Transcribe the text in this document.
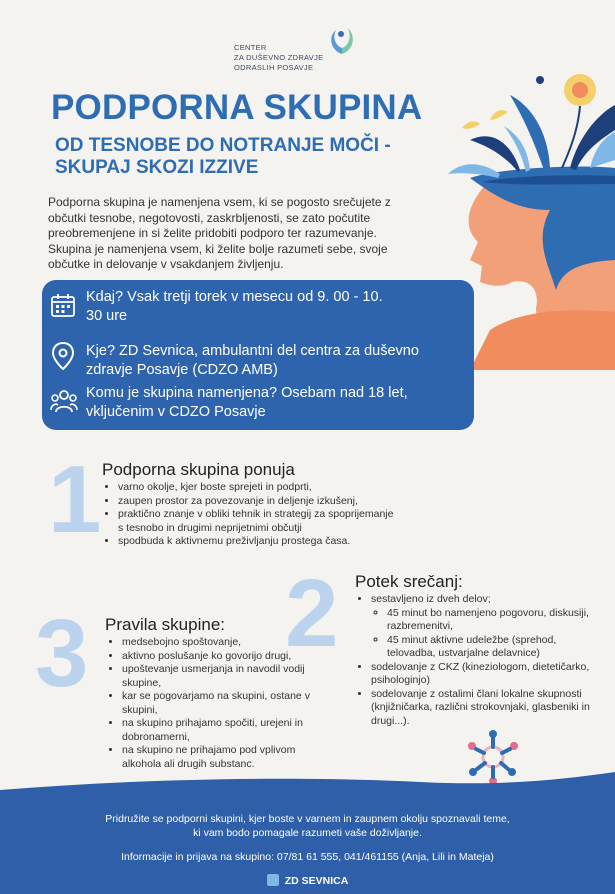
CENTER
ZA DUŠEVNO ZDRAVJE
ODRASLIH POSAVJE
PODPORNA SKUPINA
OD TESNOBE DO NOTRANJE MOČI - SKUPAJ SKOZI IZZIVE
Podporna skupina je namenjena vsem, ki se pogosto srečujete z občutki tesnobe, negotovosti, zaskrbljenosti, se zato počutite preobremenjene in si želite pridobiti podporo ter razumevanje. Skupina je namenjena vsem, ki želite bolje razumeti sebe, svoje občutke in delovanje v vsakdanjem življenju.
Kdaj? Vsak tretji torek v mesecu od 9. 00 - 10. 30 ure
Kje? ZD Sevnica, ambulantni del centra za duševno zdravje Posavje (CDZO AMB)
Komu je skupina namenjena? Osebam nad 18 let, vključenim v CDZO Posavje
1 Podporna skupina ponuja
• varno okolje, kjer boste sprejeti in podprti,
• zaupen prostor za povezovanje in deljenje izkušenj,
• praktično znanje v obliki tehnik in strategij za spoprijemanje s tesnobo in drugimi neprijetnimi občutji
• spodbuda k aktivnemu preživljanju prostega časa.
2 Potek srečanj:
• sestavljeno iz dveh delov;
◦ 45 minut bo namenjeno pogovoru, diskusiji, razbremenitvi,
◦ 45 minut aktivne udeležbe (sprehod, telovadba, ustvarjalne delavnice)
• sodelovanje z CKZ (kineziologom, dietetičarko, psihologinjo)
• sodelovanje z ostalimi člani lokalne skupnosti (knjižničarka, različni strokovnjaki, glasbeniki in drugi...).
3 Pravila skupine:
• medsebojno spoštovanje,
• aktivno poslušanje ko govorijo drugi,
• upoštevanje usmerjanja in navodil vodij skupine,
• kar se pogovarjamo na skupini, ostane v skupini,
• na skupino prihajamo spočiti, urejeni in dobronamerni,
• na skupino ne prihajamo pod vplivom alkohola ali drugih substanc.
Pridružite se podporni skupini, kjer boste v varnem in zaupnem okolju spoznavali teme,
ki vam bodo pomagale razumeti vaše doživljanje.
Informacije in prijava na skupino: 07/81 61 555, 041/461155 (Anja, Lili in Mateja)
ZD SEVNICA
